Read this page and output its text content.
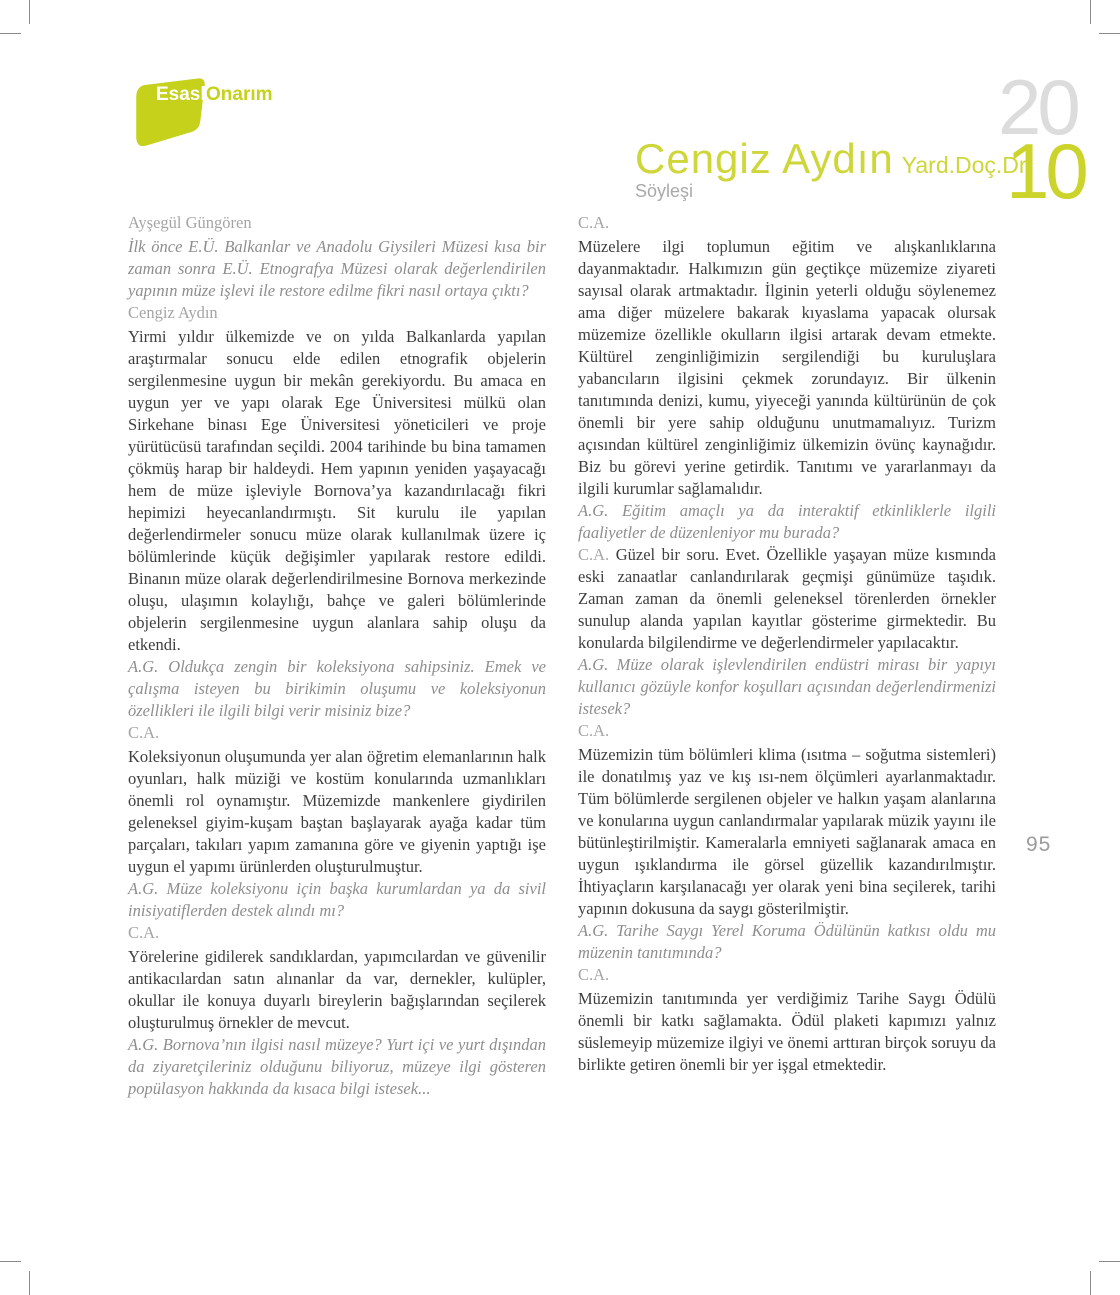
Esaslı
Onarım
Cengiz Aydın Yard.Doç.Dr.
Söyleşi
20
10

Ayşegül Güngören

İlk önce E.Ü. Balkanlar ve Anadolu Giysileri Müzesi kısa bir zaman sonra E.Ü. Etnografya Müzesi olarak değerlendirilen yapının müze işlevi ile restore edilme fikri nasıl ortaya çıktı?

Cengiz Aydın

Yirmi yıldır ülkemizde ve on yılda Balkanlarda yapılan araştırmalar sonucu elde edilen etnografik objelerin sergilenmesine uygun bir mekân gerekiyordu. Bu amaca en uygun yer ve yapı olarak Ege Üniversitesi mülkü olan Sirkehane binası Ege Üniversitesi yöneticileri ve proje yürütücüsü tarafından seçildi. 2004 tarihinde bu bina tamamen çökmüş harap bir haldeydi. Hem yapının yeniden yaşayacağı hem de müze işleviyle Bornova’ya kazandırılacağı fikri hepimizi heyecanlandırmıştı. Sit kurulu ile yapılan değerlendirmeler sonucu müze olarak kullanılmak üzere iç bölümlerinde küçük değişimler yapılarak restore edildi. Binanın müze olarak değerlendirilmesine Bornova merkezinde oluşu, ulaşımın kolaylığı, bahçe ve galeri bölümlerinde objelerin sergilenmesine uygun alanlara sahip oluşu da etkendi.

A.G. Oldukça zengin bir koleksiyona sahipsiniz. Emek ve çalışma isteyen bu birikimin oluşumu ve koleksiyonun özellikleri ile ilgili bilgi verir misiniz bize?

C.A.

Koleksiyonun oluşumunda yer alan öğretim elemanlarının halk oyunları, halk müziği ve kostüm konularında uzmanlıkları önemli rol oynamıştır. Müzemizde mankenlere giydirilen geleneksel giyim-kuşam baştan başlayarak ayağa kadar tüm parçaları, takıları yapım zamanına göre ve giyenin yaptığı işe uygun el yapımı ürünlerden oluşturulmuştur.

A.G. Müze koleksiyonu için başka kurumlardan ya da sivil inisiyatiflerden destek alındı mı?

C.A.

Yörelerine gidilerek sandıklardan, yapımcılardan ve güvenilir antikacılardan satın alınanlar da var, dernekler, kulüpler, okullar ile konuya duyarlı bireylerin bağışlarından seçilerek oluşturulmuş örnekler de mevcut.

A.G. Bornova’nın ilgisi nasıl müzeye? Yurt içi ve yurt dışından da ziyaretçileriniz olduğunu biliyoruz, müzeye ilgi gösteren popülasyon hakkında da kısaca bilgi istesek...

C.A.

Müzelere ilgi toplumun eğitim ve alışkanlıklarına dayanmaktadır. Halkımızın gün geçtikçe müzemize ziyareti sayısal olarak artmaktadır. İlginin yeterli olduğu söylenemez ama diğer müzelere bakarak kıyaslama yapacak olursak müzemize özellikle okulların ilgisi artarak devam etmekte. Kültürel zenginliğimizin sergilendiği bu kuruluşlara yabancıların ilgisini çekmek zorundayız. Bir ülkenin tanıtımında denizi, kumu, yiyeceği yanında kültürünün de çok önemli bir yere sahip olduğunu unutmamalıyız. Turizm açısından kültürel zenginliğimiz ülkemizin övünç kaynağıdır. Biz bu görevi yerine getirdik. Tanıtımı ve yararlanmayı da ilgili kurumlar sağlamalıdır.

A.G. Eğitim amaçlı ya da interaktif etkinliklerle ilgili faaliyetler de düzenleniyor mu burada?

C.A. Güzel bir soru. Evet. Özellikle yaşayan müze kısmında eski zanaatlar canlandırılarak geçmişi günümüze taşıdık. Zaman zaman da önemli geleneksel törenlerden örnekler sunulup alanda yapılan kayıtlar gösterime girmektedir. Bu konularda bilgilendirme ve değerlendirmeler yapılacaktır.

A.G. Müze olarak işlevlendirilen endüstri mirası bir yapıyı kullanıcı gözüyle konfor koşulları açısından değerlendirmenizi istesek?

C.A.

Müzemizin tüm bölümleri klima (ısıtma – soğutma sistemleri) ile donatılmış yaz ve kış ısı-nem ölçümleri ayarlanmaktadır. Tüm bölümlerde sergilenen objeler ve halkın yaşam alanlarına ve konularına uygun canlandırmalar yapılarak müzik yayını ile bütünleştirilmiştir. Kameralarla emniyeti sağlanarak amaca en uygun ışıklandırma ile görsel güzellik kazandırılmıştır. İhtiyaçların karşılanacağı yer olarak yeni bina seçilerek, tarihi yapının dokusuna da saygı gösterilmiştir.

A.G. Tarihe Saygı Yerel Koruma Ödülünün katkısı oldu mu müzenin tanıtımında?

C.A.

Müzemizin tanıtımında yer verdiğimiz Tarihe Saygı Ödülü önemli bir katkı sağlamakta. Ödül plaketi kapımızı yalnız süslemeyip müzemize ilgiyi ve önemi arttıran birçok soruyu da birlikte getiren önemli bir yer işgal etmektedir.

95
